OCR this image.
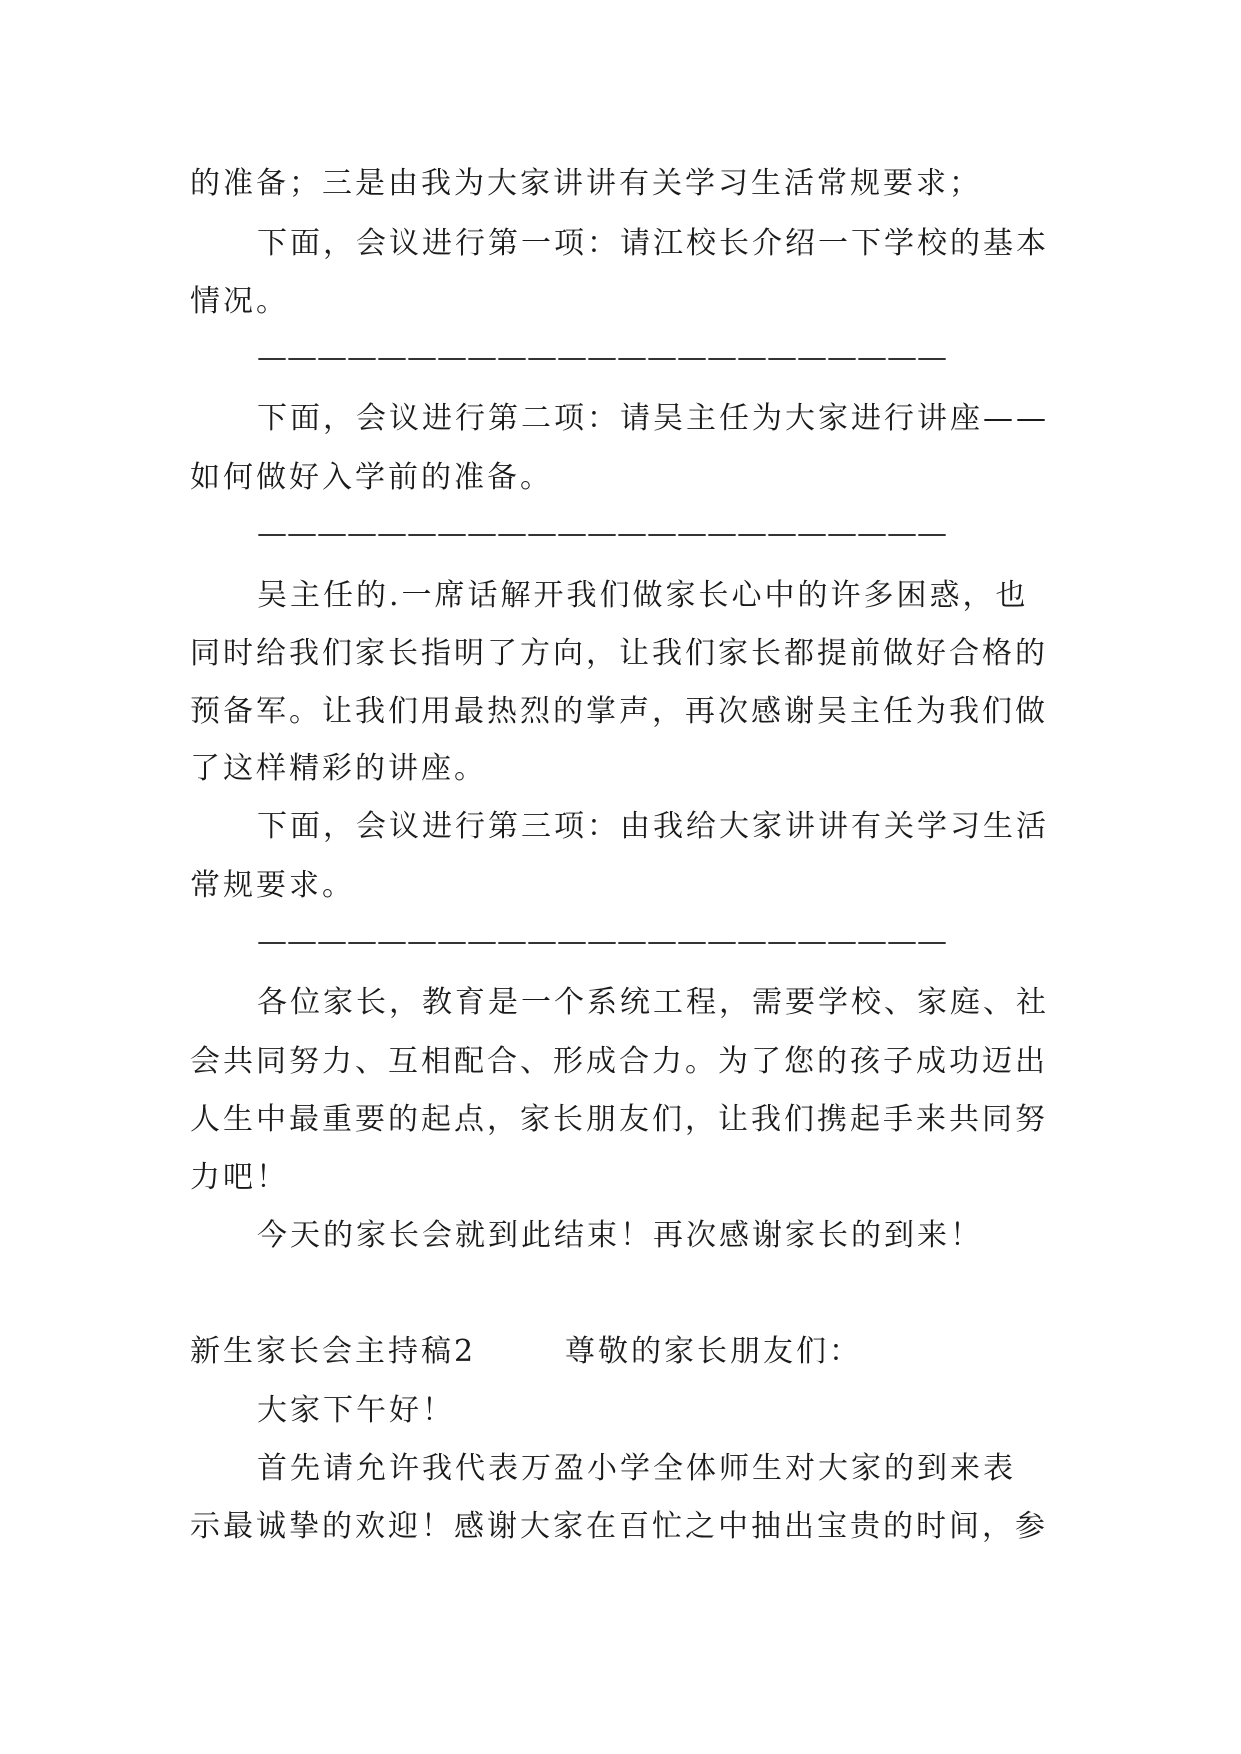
的准备；三是由我为大家讲讲有关学习生活常规要求；
下面，会议进行第一项：请江校长介绍一下学校的基本
情况。
———————————————————————
下面，会议进行第二项：请吴主任为大家进行讲座——
如何做好入学前的准备。
———————————————————————
吴主任的.一席话解开我们做家长心中的许多困惑，也
同时给我们家长指明了方向，让我们家长都提前做好合格的
预备军。让我们用最热烈的掌声，再次感谢吴主任为我们做
了这样精彩的讲座。
下面，会议进行第三项：由我给大家讲讲有关学习生活
常规要求。
———————————————————————
各位家长，教育是一个系统工程，需要学校、家庭、社
会共同努力、互相配合、形成合力。为了您的孩子成功迈出
人生中最重要的起点，家长朋友们，让我们携起手来共同努
力吧！
今天的家长会就到此结束！再次感谢家长的到来！
新生家长会主持稿2	尊敬的家长朋友们：
大家下午好！
首先请允许我代表万盈小学全体师生对大家的到来表
示最诚挚的欢迎！感谢大家在百忙之中抽出宝贵的时间，参
